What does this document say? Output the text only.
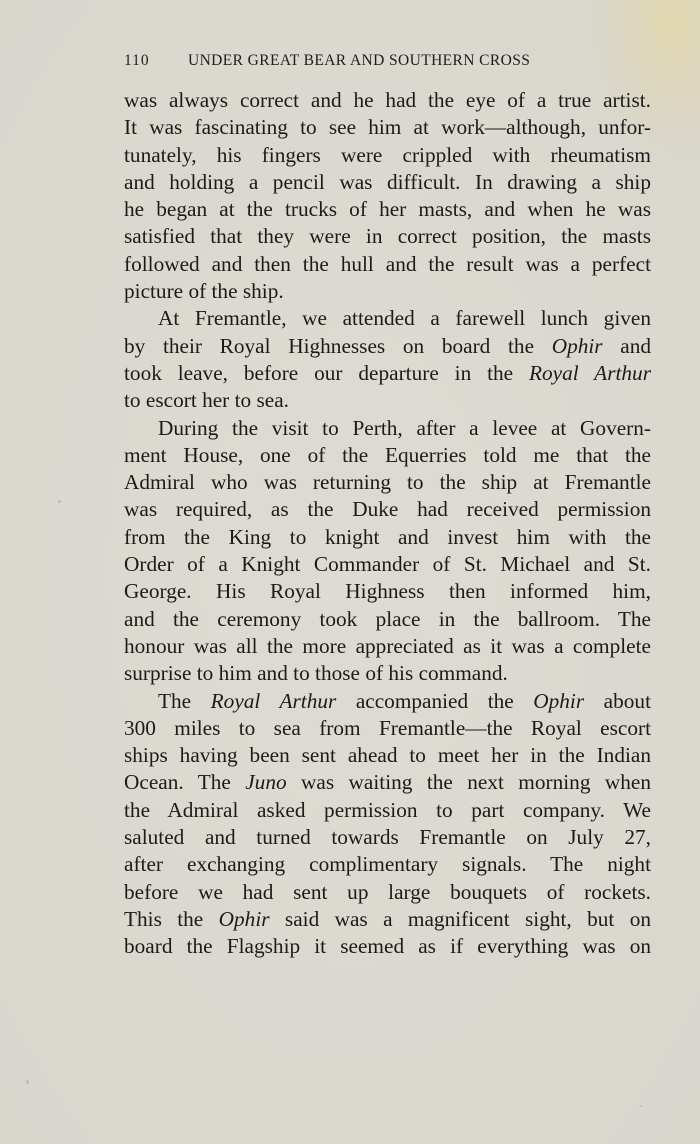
110 UNDER GREAT BEAR AND SOUTHERN CROSS
was always correct and he had the eye of a true artist.
It was fascinating to see him at work—although, unfor-
tunately, his fingers were crippled with rheumatism
and holding a pencil was difficult. In drawing a ship
he began at the trucks of her masts, and when he was
satisfied that they were in correct position, the masts
followed and then the hull and the result was a perfect
picture of the ship.
At Fremantle, we attended a farewell lunch given
by their Royal Highnesses on board the Ophir and
took leave, before our departure in the Royal Arthur
to escort her to sea.
During the visit to Perth, after a levee at Govern-
ment House, one of the Equerries told me that the
Admiral who was returning to the ship at Fremantle
was required, as the Duke had received permission
from the King to knight and invest him with the
Order of a Knight Commander of St. Michael and St.
George. His Royal Highness then informed him,
and the ceremony took place in the ballroom. The
honour was all the more appreciated as it was a complete
surprise to him and to those of his command.
The Royal Arthur accompanied the Ophir about
300 miles to sea from Fremantle—the Royal escort
ships having been sent ahead to meet her in the Indian
Ocean. The Juno was waiting the next morning when
the Admiral asked permission to part company. We
saluted and turned towards Fremantle on July 27,
after exchanging complimentary signals. The night
before we had sent up large bouquets of rockets.
This the Ophir said was a magnificent sight, but on
board the Flagship it seemed as if everything was on
